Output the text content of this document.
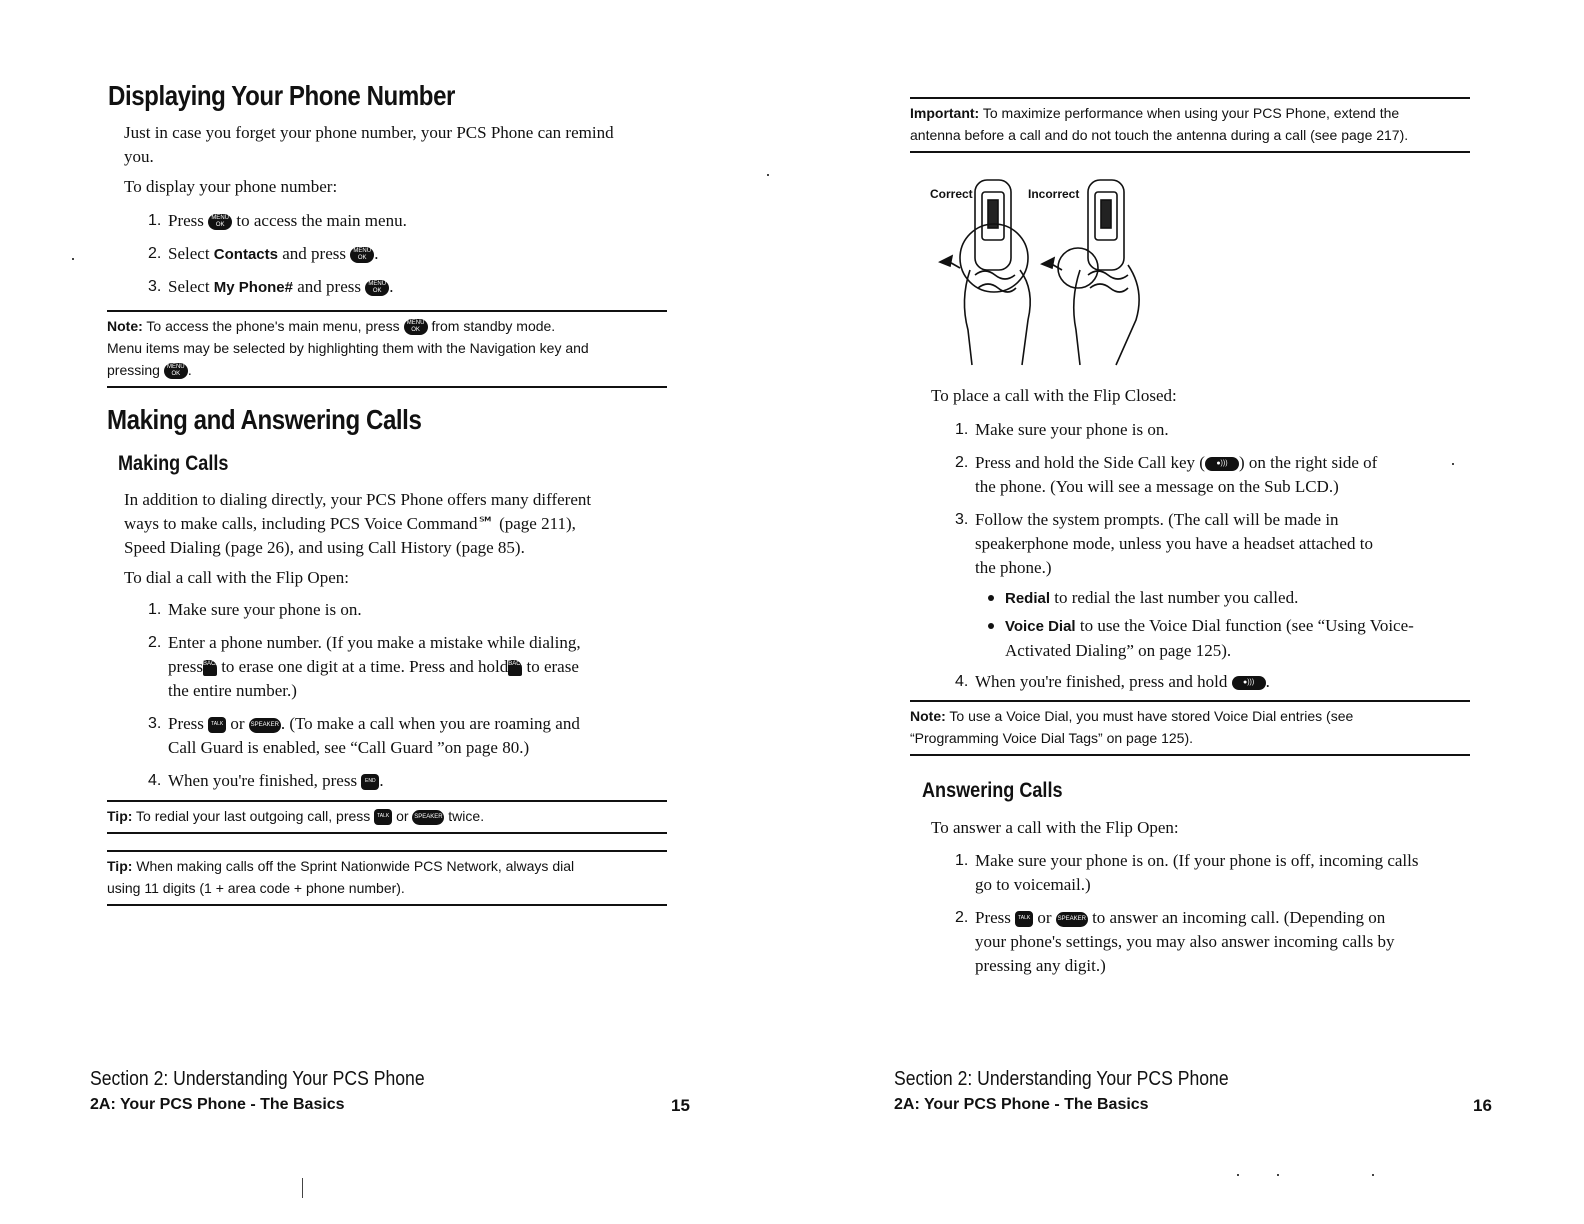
Displaying Your Phone Number
Just in case you forget your phone number, your PCS Phone can remind you.
To display your phone number:
1. Press MENU OK to access the main menu.
2. Select Contacts and press MENU OK .
3. Select My Phone# and press MENU OK .
Note: To access the phone's main menu, press MENU OK from standby mode.
Menu items may be selected by highlighting them with the Navigation key and
pressing MENU OK .
Making and Answering Calls
Making Calls
In addition to dialing directly, your PCS Phone offers many different
ways to make calls, including PCS Voice Command℠ (page 211),
Speed Dialing (page 26), and using Call History (page 85).
To dial a call with the Flip Open:
1. Make sure your phone is on.
2. Enter a phone number. (If you make a mistake while dialing,
pressBACK to erase one digit at a time. Press and holdBACK to erase
the entire number.)
3. Press TALK or SPEAKER . (To make a call when you are roaming and
Call Guard is enabled, see “Call Guard ”on page 80.)
4. When you're finished, press END .
Tip: To redial your last outgoing call, press TALK or SPEAKER twice.
Tip: When making calls off the Sprint Nationwide PCS Network, always dial
using 11 digits (1 + area code + phone number).
Section 2: Understanding Your PCS Phone
2A: Your PCS Phone - The Basics	15
Important: To maximize performance when using your PCS Phone, extend the
antenna before a call and do not touch the antenna during a call (see page 217).
Correct	Incorrect
To place a call with the Flip Closed:
1. Make sure your phone is on.
2. Press and hold the Side Call key ( ●))) ) on the right side of
the phone. (You will see a message on the Sub LCD.)
3. Follow the system prompts. (The call will be made in
speakerphone mode, unless you have a headset attached to
the phone.)
Redial to redial the last number you called.
Voice Dial to use the Voice Dial function (see “Using Voice-
Activated Dialing” on page 125).
4. When you're finished, press and hold ●))) .
Note: To use a Voice Dial, you must have stored Voice Dial entries (see
“Programming Voice Dial Tags” on page 125).
Answering Calls
To answer a call with the Flip Open:
1. Make sure your phone is on. (If your phone is off, incoming calls
go to voicemail.)
2. Press TALK or SPEAKER to answer an incoming call. (Depending on
your phone's settings, you may also answer incoming calls by
pressing any digit.)
Section 2: Understanding Your PCS Phone
2A: Your PCS Phone - The Basics	16
